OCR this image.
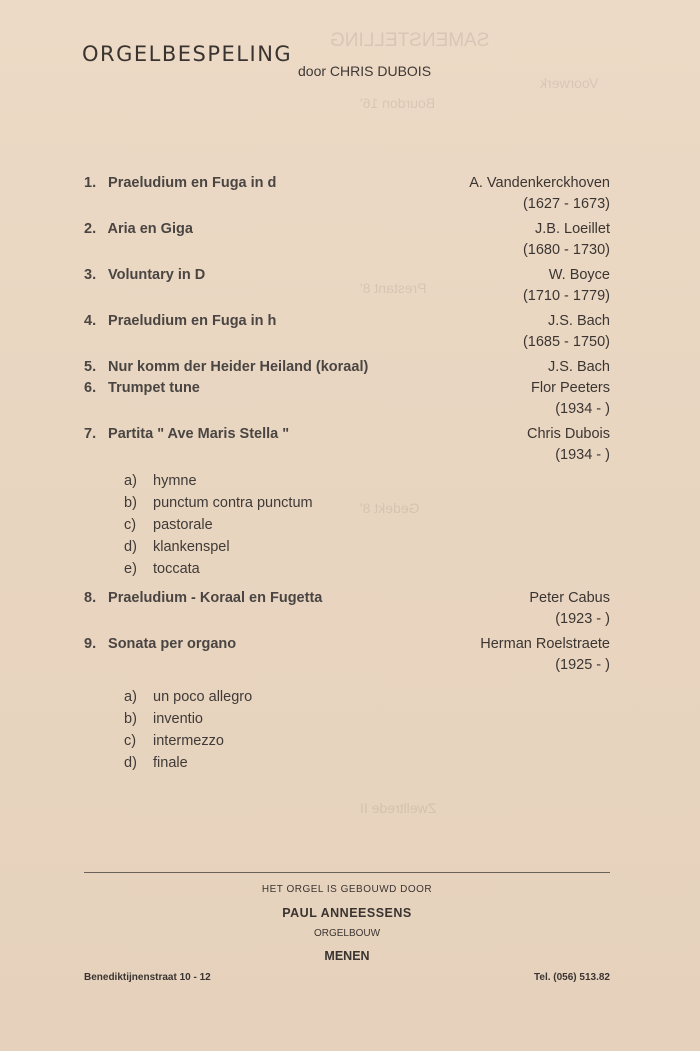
SAMENSTELLING
Voorwerk
Bourdon 16'
Prestant 8'
Gedekt 8'
Zwelltrede II
ORGELBESPELING
door CHRIS DUBOIS
1. Praeludium en Fuga in d	A. Vandenkerckhoven
(1627 - 1673)
2. Aria en Giga	J.B. Loeillet
(1680 - 1730)
3. Voluntary in D	W. Boyce
(1710 - 1779)
4. Praeludium en Fuga in h	J.S. Bach
(1685 - 1750)
5. Nur komm der Heider Heiland (koraal)	J.S. Bach
6. Trumpet tune	Flor Peeters
(1934 - )
7. Partita " Ave Maris Stella "	Chris Dubois
(1934 - )
a) hymne
b) punctum contra punctum
c) pastorale
d) klankenspel
e) toccata
8. Praeludium - Koraal en Fugetta	Peter Cabus
(1923 - )
9. Sonata per organo	Herman Roelstraete
(1925 - )
a) un poco allegro
b) inventio
c) intermezzo
d) finale
HET ORGEL IS GEBOUWD DOOR
PAUL ANNEESSENS
ORGELBOUW
MENEN
Benediktijnenstraat 10 - 12	Tel. (056) 513.82
